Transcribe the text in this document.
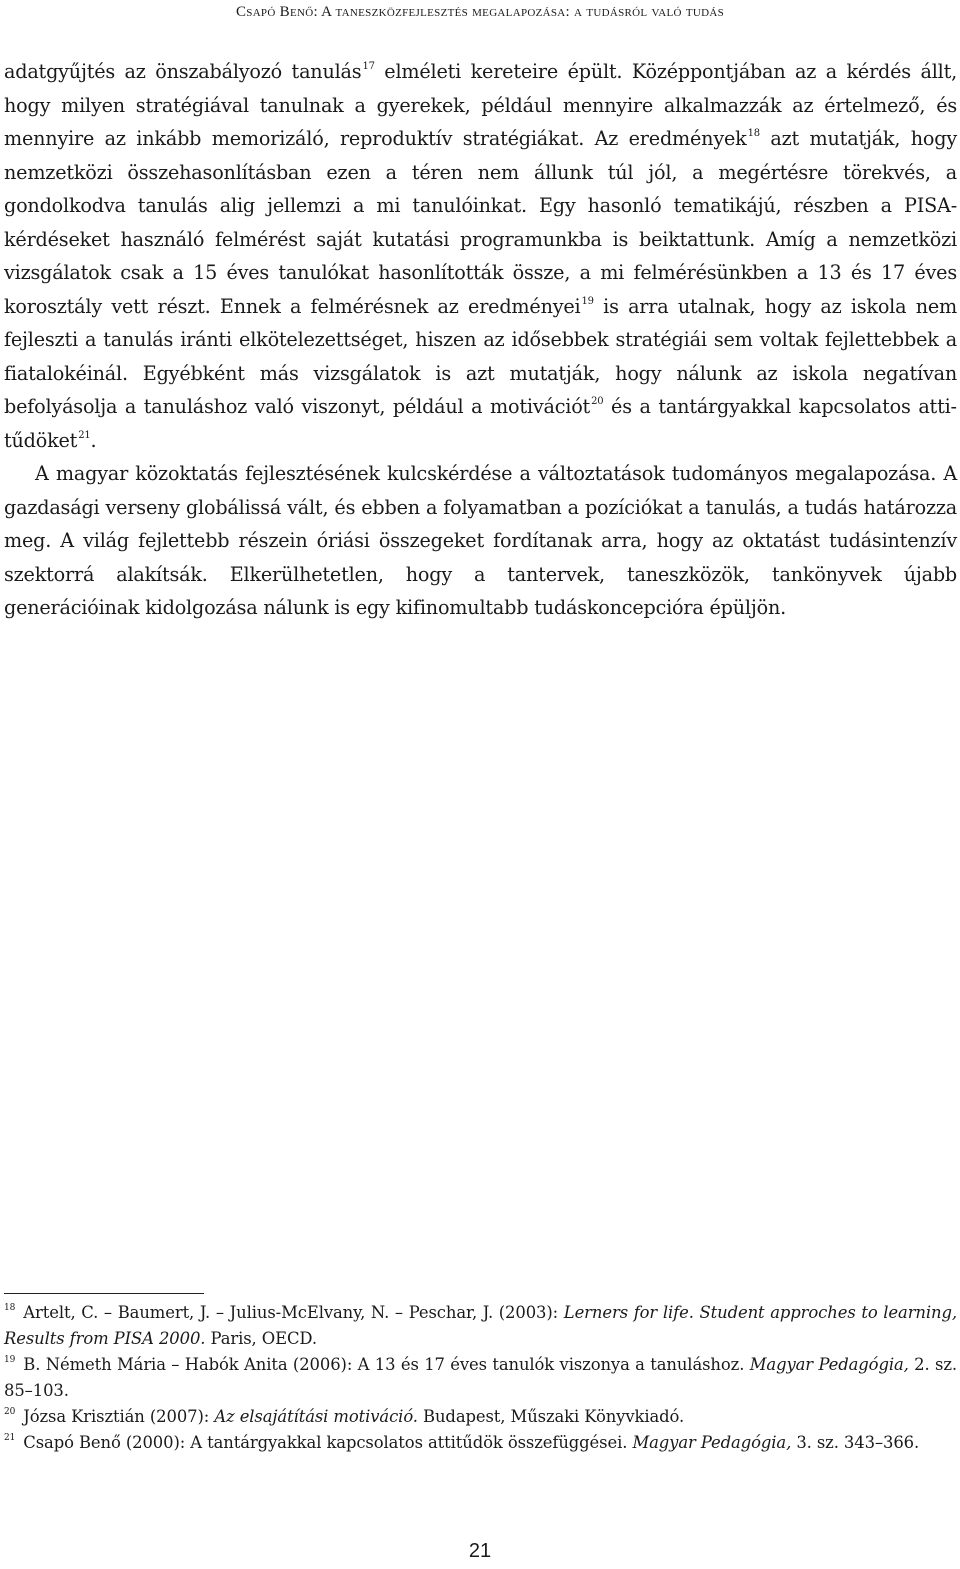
Csapó Benő: A taneszközfejlesztés megalapozása: a tudásról való tudás

adatgyűjtés az önszabályozó tanulás$^{17}$ elméleti kereteire épült. Középpontjában az a kérdés állt, hogy milyen stratégiával tanulnak a gyerekek, például mennyire alkalmazzák az értelmező, és mennyire az inkább memorizáló, reproduktív stratégiákat. Az eredmények$^{18}$ azt mutatják, hogy nemzetközi összehasonlításban ezen a téren nem állunk túl jól, a megértésre törekvés, a gondolkodva tanulás alig jellemzi a mi tanulóinkat. Egy hasonló tematikájú, részben a PISA-kérdéseket használó felmérést saját kutatási programunkba is beiktattunk. Amíg a nemzetközi vizsgálatok csak a 15 éves tanulókat hasonlították össze, a mi felmérésünkben a 13 és 17 éves korosztály vett részt. Ennek a felmérésnek az eredményei$^{19}$ is arra utalnak, hogy az iskola nem fejleszti a tanulás iránti elkötelezettséget, hiszen az idősebbek stratégiái sem voltak fejlettebbek a fiatalokéinál. Egyébként más vizsgálatok is azt mutatják, hogy nálunk az iskola negatívan befolyásolja a tanuláshoz való viszonyt, például a motivációt$^{20}$ és a tantárgyakkal kapcsolatos attitűdöket$^{21}$.

A magyar közoktatás fejlesztésének kulcskérdése a változtatások tudományos megalapozása. A gazdasági verseny globálissá vált, és ebben a folyamatban a pozíciókat a tanulás, a tudás határozza meg. A világ fejlettebb részein óriási összegeket fordítanak arra, hogy az oktatást tudásintenzív szektorrá alakítsák. Elkerülhetetlen, hogy a tantervek, taneszközök, tankönyvek újabb generációinak kidolgozása nálunk is egy kifinomultabb tudáskoncepcióra épüljön.

$^{18}$ Artelt, C. – Baumert, J. – Julius-McElvany, N. – Peschar, J. (2003): Lerners for life. Student approches to learning, Results from PISA 2000. Paris, OECD.

$^{19}$ B. Németh Mária – Habók Anita (2006): A 13 és 17 éves tanulók viszonya a tanuláshoz. Magyar Pedagógia, 2. sz. 85–103.

$^{20}$ Józsa Krisztián (2007): Az elsajátítási motiváció. Budapest, Műszaki Könyvkiadó.

$^{21}$ Csapó Benő (2000): A tantárgyakkal kapcsolatos attitűdök összefüggései. Magyar Pedagógia, 3. sz. 343–366.

21
